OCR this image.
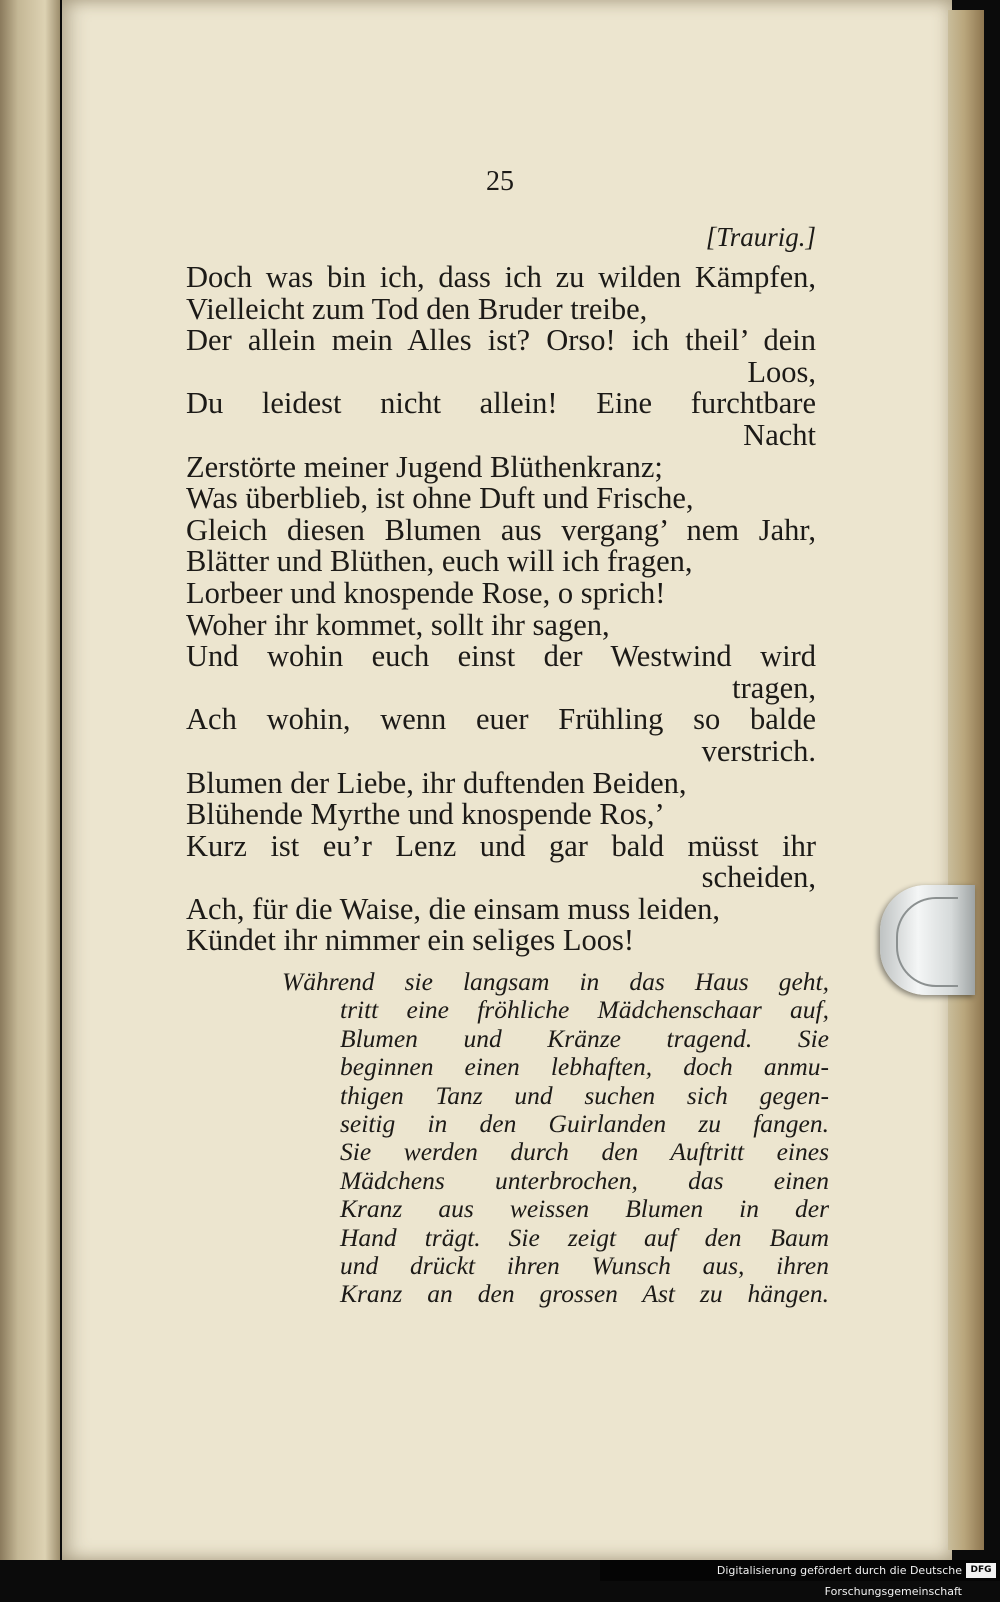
25
[Traurig.]
Doch was bin ich, dass ich zu wilden Kämpfen,
Vielleicht zum Tod den Bruder treibe,
Der allein mein Alles ist? Orso! ich theil’ dein
Loos,
Du leidest nicht allein! Eine furchtbare
Nacht
Zerstörte meiner Jugend Blüthenkranz;
Was überblieb, ist ohne Duft und Frische,
Gleich diesen Blumen aus vergang’ nem Jahr,
Blätter und Blüthen, euch will ich fragen,
Lorbeer und knospende Rose, o sprich!
Woher ihr kommet, sollt ihr sagen,
Und wohin euch einst der Westwind wird
tragen,
Ach wohin, wenn euer Frühling so balde
verstrich.
Blumen der Liebe, ihr duftenden Beiden,
Blühende Myrthe und knospende Ros,’
Kurz ist eu’r Lenz und gar bald müsst ihr
scheiden,
Ach, für die Waise, die einsam muss leiden,
Kündet ihr nimmer ein seliges Loos!
Während sie langsam in das Haus geht,
tritt eine fröhliche Mädchenschaar auf,
Blumen und Kränze tragend. Sie
beginnen einen lebhaften, doch anmu-
thigen Tanz und suchen sich gegen-
seitig in den Guirlanden zu fangen.
Sie werden durch den Auftritt eines
Mädchens unterbrochen, das einen
Kranz aus weissen Blumen in der
Hand trägt. Sie zeigt auf den Baum
und drückt ihren Wunsch aus, ihren
Kranz an den grossen Ast zu hängen.
Digitalisierung gefördert durch die Deutsche Forschungsgemeinschaft
DFG
